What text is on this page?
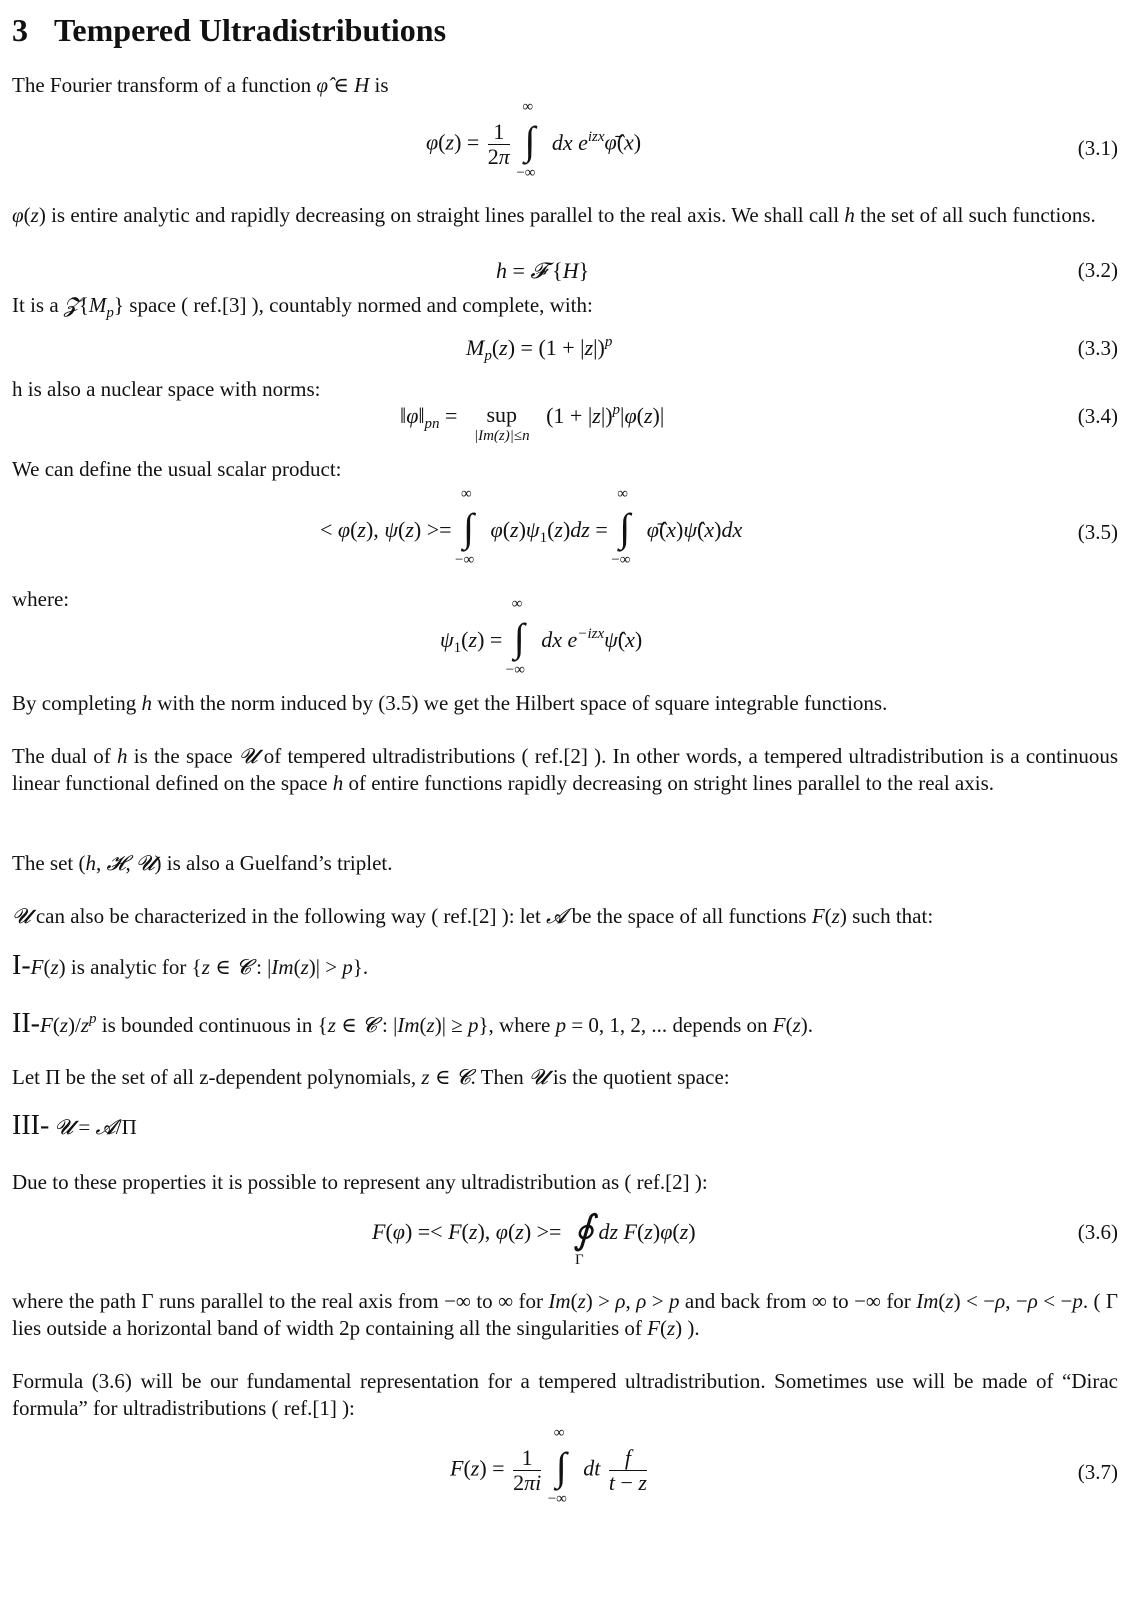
3 Tempered Ultradistributions
The Fourier transform of a function φ̂ ∈ H is
$\varphi(z) = \frac{1}{2\pi}$

∞
∫
−∞
dx $e^{izx}\varphī̂(x)$	(3.1)
φ(z) is entire analytic and rapidly decreasing on straight lines parallel to the real axis. We shall call h the set of all such functions.
h = 𝓕 {H}	(3.2)
It is a $𝓩\{M_p\}$ space ( ref.[3] ), countably normed and complete, with:
$M_p(z) = (1 + |z|)^p$	(3.3)
h is also a nuclear space with norms:
$‖\varphi‖_{pn}$ =   sup
|Im(z)|≤n
$(1 + |z|)^p|\varphi(z)|$	(3.4)
We can define the usual scalar product:
< φ(z), ψ(z) >=
∞
∫
−∞
$\varphi(z)\psi_1(z)dz$ =
∞
∫
−∞
φ̄̂(x)ψ̂(x)dx	(3.5)
where:
$\psi_1(z)$ =
∞
∫
−∞
dx $e^{-izx}\psî(x)$
By completing h with the norm induced by (3.5) we get the Hilbert space of square integrable functions.
The dual of h is the space 𝓤 of tempered ultradistributions ( ref.[2] ). In other words, a tempered ultradistribution is a continuous linear functional defined on the space h of entire functions rapidly decreasing on stright lines parallel to the real axis.
The set (h, 𝓗, 𝓤) is also a Guelfand’s triplet.
𝓤 can also be characterized in the following way ( ref.[2] ): let 𝓐 be the space of all functions F(z) such that:
I-F(z) is analytic for {z ∈ 𝓒 : |Im(z)| > p}.
$II-F(z)/z^p$ is bounded continuous in {z ∈ 𝓒 : |Im(z)| ≥ p}, where p = 0, 1, 2, ... depends on F(z).
Let Π be the set of all z-dependent polynomials, z ∈ 𝓒. Then 𝓤 is the quotient space:
III- 𝓤 = 𝓐/Π
Due to these properties it is possible to represent any ultradistribution as ( ref.[2] ):
F(φ) =< F(z), φ(z) >= ∮
Γ
dz F(z)φ(z)	(3.6)
where the path Γ runs parallel to the real axis from −∞ to ∞ for Im(z) > ρ, ρ > p and back from ∞ to −∞ for Im(z) < −ρ, −ρ < −p. ( Γ lies outside a horizontal band of width 2p containing all the singularities of F(z) ).
Formula (3.6) will be our fundamental representation for a tempered ultradistribution. Sometimes use will be made of “Dirac formula” for ultradistributions ( ref.[1] ):
$F(z) = \frac{1}{2\pi i}$

∞
∫
−∞
dt $\frac{f}{t - z}$	(3.7)
